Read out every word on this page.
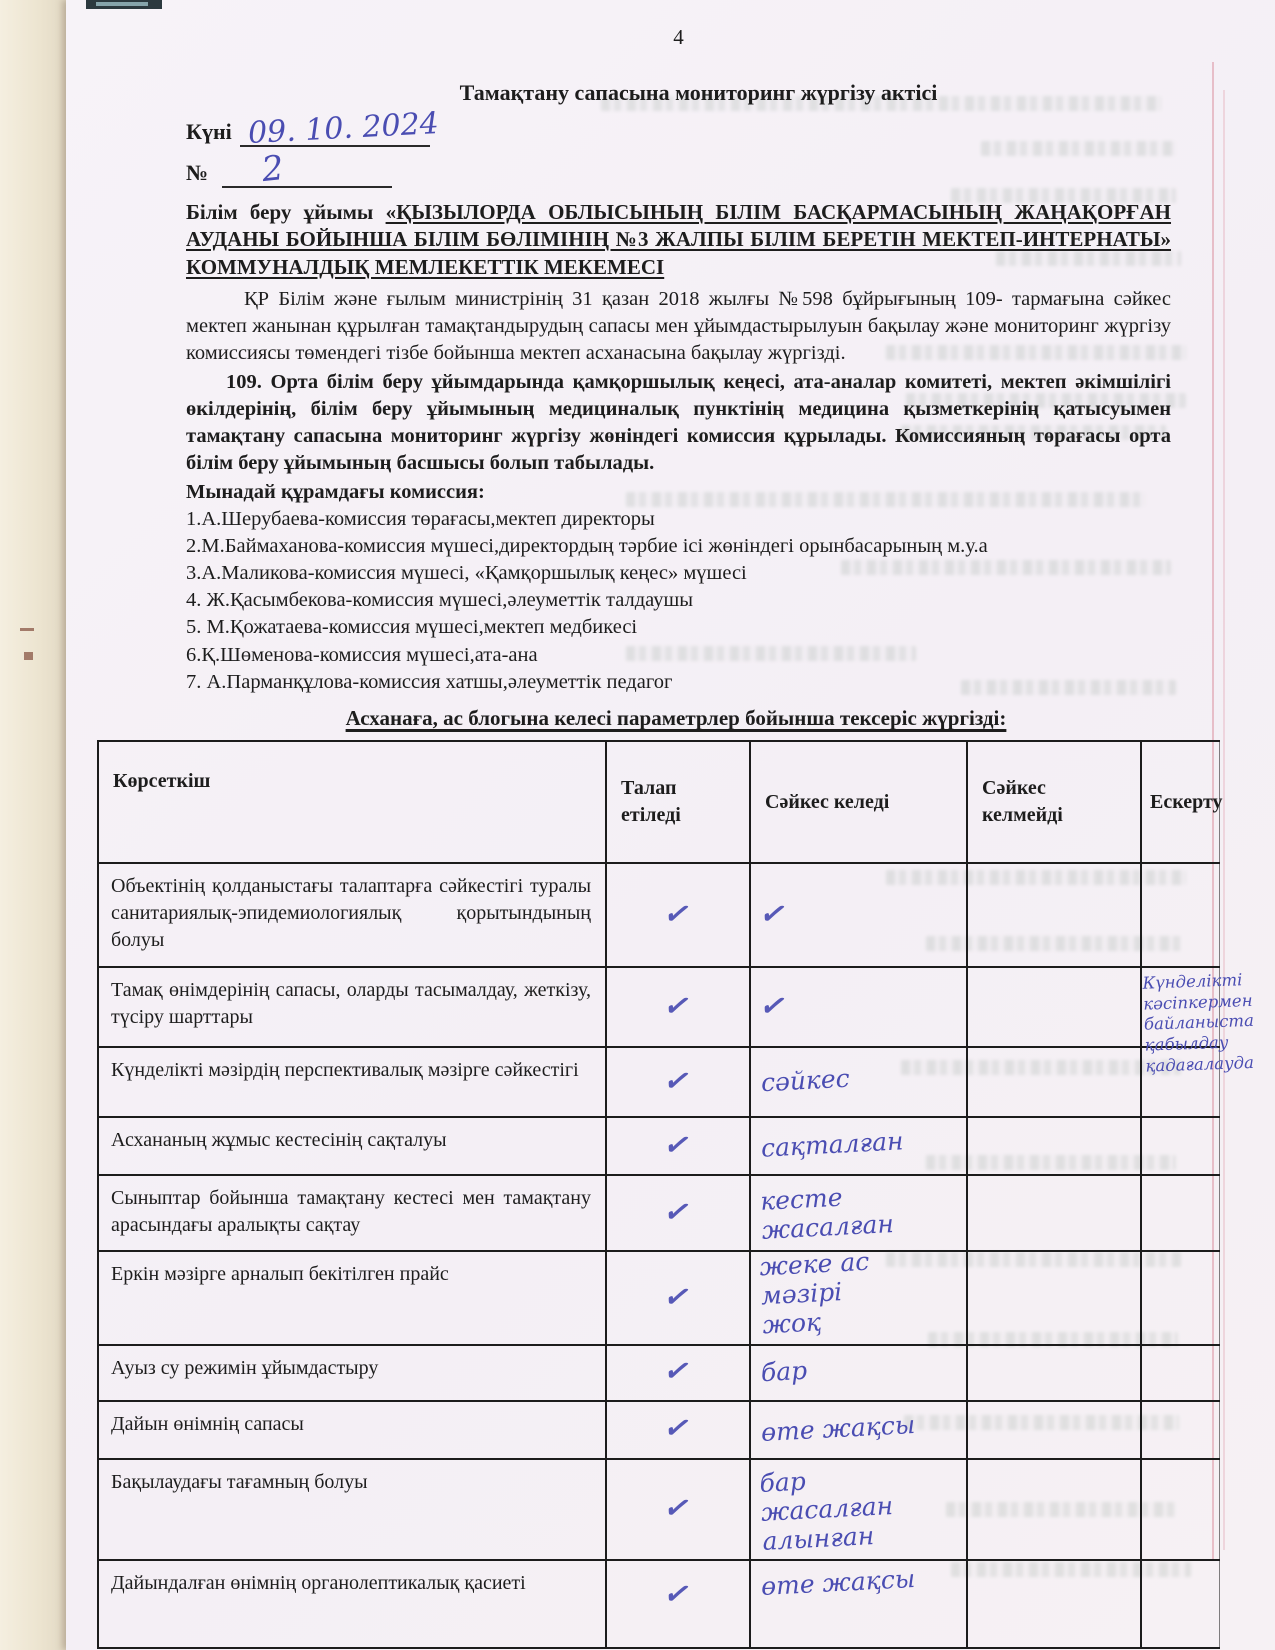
4

Тамақтану сапасына мониторинг жүргізу актісі

Күні 09. 10. 2024
№ 2

Білім беру ұйымы «ҚЫЗЫЛОРДА ОБЛЫСЫНЫҢ БІЛІМ БАСҚАРМАСЫНЫҢ ЖАҢАҚОРҒАН АУДАНЫ БОЙЫНША БІЛІМ БӨЛІМІНІҢ №3 ЖАЛПЫ БІЛІМ БЕРЕТІН МЕКТЕП-ИНТЕРНАТЫ» КОММУНАЛДЫҚ МЕМЛЕКЕТТІК МЕКЕМЕСІ

ҚР Білім және ғылым министрінің 31 қазан 2018 жылғы №598 бұйрығының 109- тармағына сәйкес мектеп жанынан құрылған тамақтандырудың сапасы мен ұйымдастырылуын бақылау және мониторинг жүргізу комиссиясы төмендегі тізбе бойынша мектеп асханасына бақылау жүргізді.

109. Орта білім беру ұйымдарында қамқоршылық кеңесі, ата-аналар комитеті, мектеп әкімшілігі өкілдерінің, білім беру ұйымының медициналық пунктінің медицина қызметкерінің қатысуымен тамақтану сапасына мониторинг жүргізу жөніндегі комиссия құрылады. Комиссияның төрағасы орта білім беру ұйымының басшысы болып табылады.

Мынадай құрамдағы комиссия:

1.А.Шерубаева-комиссия төрағасы,мектеп директоры
2.М.Баймаханова-комиссия мүшесі,директордың тәрбие ісі жөніндегі орынбасарының м.у.а
3.А.Маликова-комиссия мүшесі, «Қамқоршылық кеңес» мүшесі
4. Ж.Қасымбекова-комиссия мүшесі,әлеуметтік талдаушы
5. М.Қожатаева-комиссия мүшесі,мектеп медбикесі
6.Қ.Шөменова-комиссия мүшесі,ата-ана
7. А.Парманқұлова-комиссия хатшы,әлеуметтік педагог
Асханаға, ас блогына келесі параметрлер бойынша тексеріс жүргізді:
Көрсеткіш	Талап етіледі	Сәйкес келеді	Сәйкес келмейді	Ескерту
Объектінің қолданыстағы талаптарға сәйкестігі туралы санитариялық-эпидемиологиялық қорытындының болуы	✓	✓		
Тамақ өнімдерінің сапасы, оларды тасымалдау, жеткізу, түсіру шарттары	✓	✓		Күнделікті кәсіпкермен байланыста қабылдау қадағалауда

Күнделікті мәзірдің перспективалық мәзірге сәйкестігі	✓	сәйкес		
Асхананың жұмыс кестесінің сақталуы	✓	сақталған		
Сыныптар бойынша тамақтану кестесі мен тамақтану арасындағы аралықты сақтау	✓	кесте жасалған		
Еркін мәзірге арналып бекітілген прайс	✓	жеке ас мәзірі жоқ		
Ауыз су режимін ұйымдастыру	✓	бар		
Дайын өнімнің сапасы	✓	өте жақсы		
Бақылаудағы тағамның болуы	✓	бар жасалған алынған		
Дайындалған өнімнің органолептикалық қасиеті	✓	өте жақсы		
